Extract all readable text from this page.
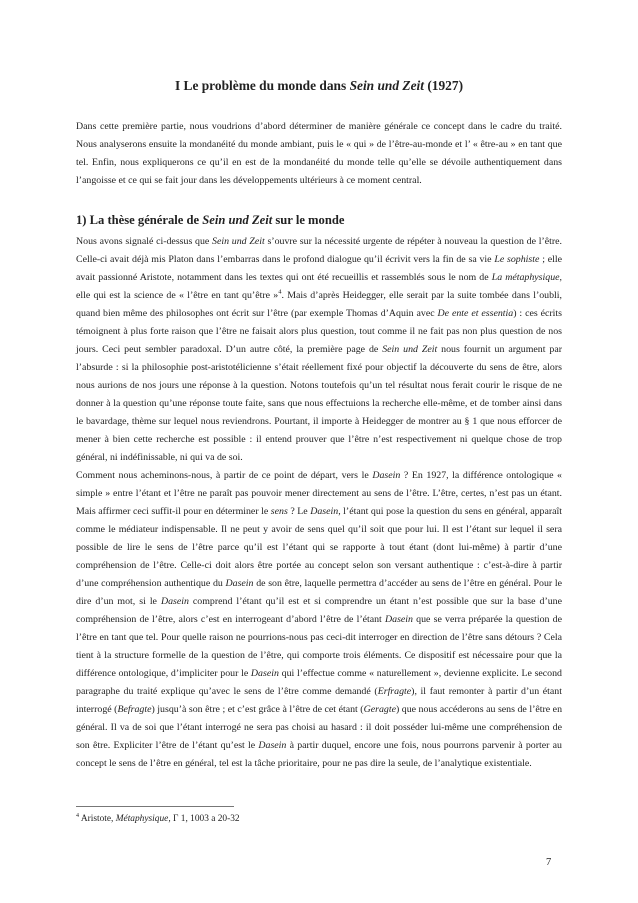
I Le problème du monde dans Sein und Zeit (1927)

Dans cette première partie, nous voudrions d’abord déterminer de manière générale ce concept dans le cadre du traité. Nous analyserons ensuite la mondanéité du monde ambiant, puis le « qui » de l’être-au-monde et l’ « être-au » en tant que tel. Enfin, nous expliquerons ce qu’il en est de la mondanéité du monde telle qu’elle se dévoile authentiquement dans l’angoisse et ce qui se fait jour dans les développements ultérieurs à ce moment central.

1) La thèse générale de Sein und Zeit sur le monde

Nous avons signalé ci-dessus que Sein und Zeit s’ouvre sur la nécessité urgente de répéter à nouveau la question de l’être. Celle-ci avait déjà mis Platon dans l’embarras dans le profond dialogue qu’il écrivit vers la fin de sa vie Le sophiste ; elle avait passionné Aristote, notamment dans les textes qui ont été recueillis et rassemblés sous le nom de La métaphysique, elle qui est la science de « l’être en tant qu’être »$^4$. Mais d’après Heidegger, elle serait par la suite tombée dans l’oubli, quand bien même des philosophes ont écrit sur l’être (par exemple Thomas d’Aquin avec De ente et essentia) : ces écrits témoignent à plus forte raison que l’être ne faisait alors plus question, tout comme il ne fait pas non plus question de nos jours. Ceci peut sembler paradoxal. D’un autre côté, la première page de Sein und Zeit nous fournit un argument par l’absurde : si la philosophie post-aristotélicienne s’était réellement fixé pour objectif la découverte du sens de être, alors nous aurions de nos jours une réponse à la question. Notons toutefois qu’un tel résultat nous ferait courir le risque de ne donner à la question qu’une réponse toute faite, sans que nous effectuions la recherche elle-même, et de tomber ainsi dans le bavardage, thème sur lequel nous reviendrons. Pourtant, il importe à Heidegger de montrer au § 1 que nous efforcer de mener à bien cette recherche est possible : il entend prouver que l’être n’est respectivement ni quelque chose de trop général, ni indéfinissable, ni qui va de soi.

Comment nous acheminons-nous, à partir de ce point de départ, vers le Dasein ? En 1927, la différence ontologique « simple » entre l’étant et l’être ne paraît pas pouvoir mener directement au sens de l’être. L’être, certes, n’est pas un étant. Mais affirmer ceci suffit-il pour en déterminer le sens ? Le Dasein, l’étant qui pose la question du sens en général, apparaît comme le médiateur indispensable. Il ne peut y avoir de sens quel qu’il soit que pour lui. Il est l’étant sur lequel il sera possible de lire le sens de l’être parce qu’il est l’étant qui se rapporte à tout étant (dont lui-même) à partir d’une compréhension de l’être. Celle-ci doit alors être portée au concept selon son versant authentique : c’est-à-dire à partir d’une compréhension authentique du Dasein de son être, laquelle permettra d’accéder au sens de l’être en général. Pour le dire d’un mot, si le Dasein comprend l’étant qu’il est et si comprendre un étant n’est possible que sur la base d’une compréhension de l’être, alors c’est en interrogeant d’abord l’être de l’étant Dasein que se verra préparée la question de l’être en tant que tel. Pour quelle raison ne pourrions-nous pas ceci-dit interroger en direction de l’être sans détours ? Cela tient à la structure formelle de la question de l’être, qui comporte trois éléments. Ce dispositif est nécessaire pour que la différence ontologique, d’impliciter pour le Dasein qui l’effectue comme « naturellement », devienne explicite. Le second paragraphe du traité explique qu’avec le sens de l’être comme demandé (Erfragte), il faut remonter à partir d’un étant interrogé (Befragte) jusqu’à son être ; et c’est grâce à l’être de cet étant (Geragte) que nous accéderons au sens de l’être en général. Il va de soi que l’étant interrogé ne sera pas choisi au hasard : il doit posséder lui-même une compréhension de son être. Expliciter l’être de l’étant qu’est le Dasein à partir duquel, encore une fois, nous pourrons parvenir à porter au concept le sens de l’être en général, tel est la tâche prioritaire, pour ne pas dire la seule, de l’analytique existentiale.

$^4$ Aristote, Métaphysique, Γ 1, 1003 a 20-32
7
